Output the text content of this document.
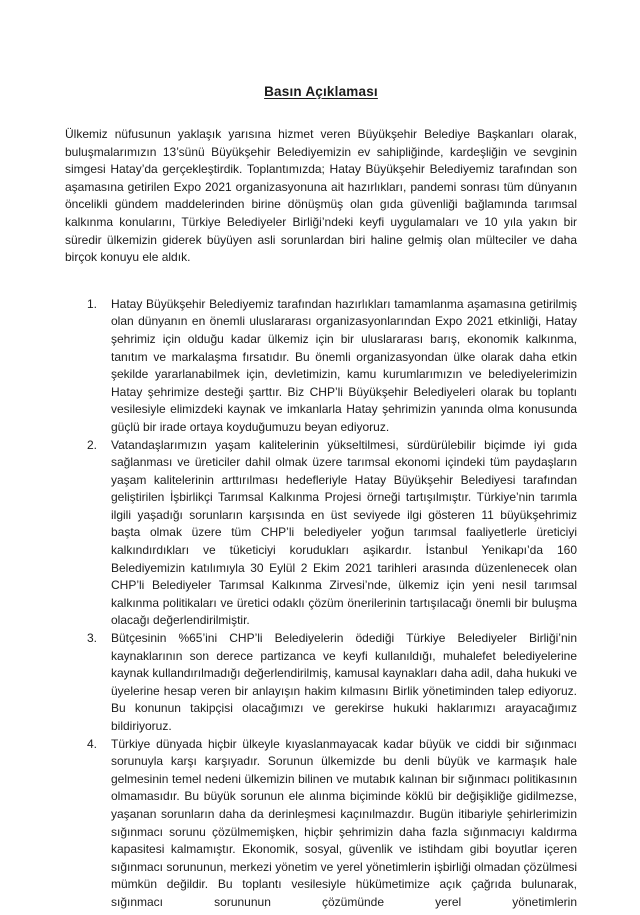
Basın Açıklaması

Ülkemiz nüfusunun yaklaşık yarısına hizmet veren Büyükşehir Belediye Başkanları olarak, buluşmalarımızın 13’sünü Büyükşehir Belediyemizin ev sahipliğinde, kardeşliğin ve sevginin simgesi Hatay’da gerçekleştirdik. Toplantımızda; Hatay Büyükşehir Belediyemiz tarafından son aşamasına getirilen Expo 2021 organizasyonuna ait hazırlıkları, pandemi sonrası tüm dünyanın öncelikli gündem maddelerinden birine dönüşmüş olan gıda güvenliği bağlamında tarımsal kalkınma konularını, Türkiye Belediyeler Birliği’ndeki keyfi uygulamaları ve 10 yıla yakın bir süredir ülkemizin giderek büyüyen asli sorunlardan biri haline gelmiş olan mülteciler ve daha birçok konuyu ele aldık.

1.	Hatay Büyükşehir Belediyemiz tarafından hazırlıkları tamamlanma aşamasına getirilmiş olan dünyanın en önemli uluslararası organizasyonlarından Expo 2021 etkinliği, Hatay şehrimiz için olduğu kadar ülkemiz için bir uluslararası barış, ekonomik kalkınma, tanıtım ve markalaşma fırsatıdır. Bu önemli organizasyondan ülke olarak daha etkin şekilde yararlanabilmek için, devletimizin, kamu kurumlarımızın ve belediyelerimizin Hatay şehrimize desteği şarttır. Biz CHP’li Büyükşehir Belediyeleri olarak bu toplantı vesilesiyle elimizdeki kaynak ve imkanlarla Hatay şehrimizin yanında olma konusunda güçlü bir irade ortaya koyduğumuzu beyan ediyoruz.
2.	Vatandaşlarımızın yaşam kalitelerinin yükseltilmesi, sürdürülebilir biçimde iyi gıda sağlanması ve üreticiler dahil olmak üzere tarımsal ekonomi içindeki tüm paydaşların yaşam kalitelerinin arttırılması hedefleriyle Hatay Büyükşehir Belediyesi tarafından geliştirilen İşbirlikçi Tarımsal Kalkınma Projesi örneği tartışılmıştır. Türkiye’nin tarımla ilgili yaşadığı sorunların karşısında en üst seviyede ilgi gösteren 11 büyükşehrimiz başta olmak üzere tüm CHP’li belediyeler yoğun tarımsal faaliyetlerle üreticiyi kalkındırdıkları ve tüketiciyi korudukları aşikardır. İstanbul Yenikapı’da 160 Belediyemizin katılımıyla 30 Eylül 2 Ekim 2021 tarihleri arasında düzenlenecek olan CHP’li Belediyeler Tarımsal Kalkınma Zirvesi’nde, ülkemiz için yeni nesil tarımsal kalkınma politikaları ve üretici odaklı çözüm önerilerinin tartışılacağı önemli bir buluşma olacağı değerlendirilmiştir.
3.	Bütçesinin %65’ini CHP’li Belediyelerin ödediği Türkiye Belediyeler Birliği’nin kaynaklarının son derece partizanca ve keyfi kullanıldığı, muhalefet belediyelerine kaynak kullandırılmadığı değerlendirilmiş, kamusal kaynakları daha adil, daha hukuki ve üyelerine hesap veren bir anlayışın hakim kılmasını Birlik yönetiminden talep ediyoruz. Bu konunun takipçisi olacağımızı ve gerekirse hukuki haklarımızı arayacağımız bildiriyoruz.
4.	Türkiye dünyada hiçbir ülkeyle kıyaslanmayacak kadar büyük ve ciddi bir sığınmacı sorunuyla karşı karşıyadır. Sorunun ülkemizde bu denli büyük ve karmaşık hale gelmesinin temel nedeni ülkemizin bilinen ve mutabık kalınan bir sığınmacı politikasının olmamasıdır. Bu büyük sorunun ele alınma biçiminde köklü bir değişikliğe gidilmezse, yaşanan sorunların daha da derinleşmesi kaçınılmazdır. Bugün itibariyle şehirlerimizin sığınmacı sorunu çözülmemişken, hiçbir şehrimizin daha fazla sığınmacıyı kaldırma kapasitesi kalmamıştır. Ekonomik, sosyal, güvenlik ve istihdam gibi boyutlar içeren sığınmacı sorununun, merkezi yönetim ve yerel yönetimlerin işbirliği olmadan çözülmesi mümkün değildir. Bu toplantı vesilesiyle hükümetimize açık çağrıda bulunarak, sığınmacı sorununun çözümünde yerel yönetimlerin
